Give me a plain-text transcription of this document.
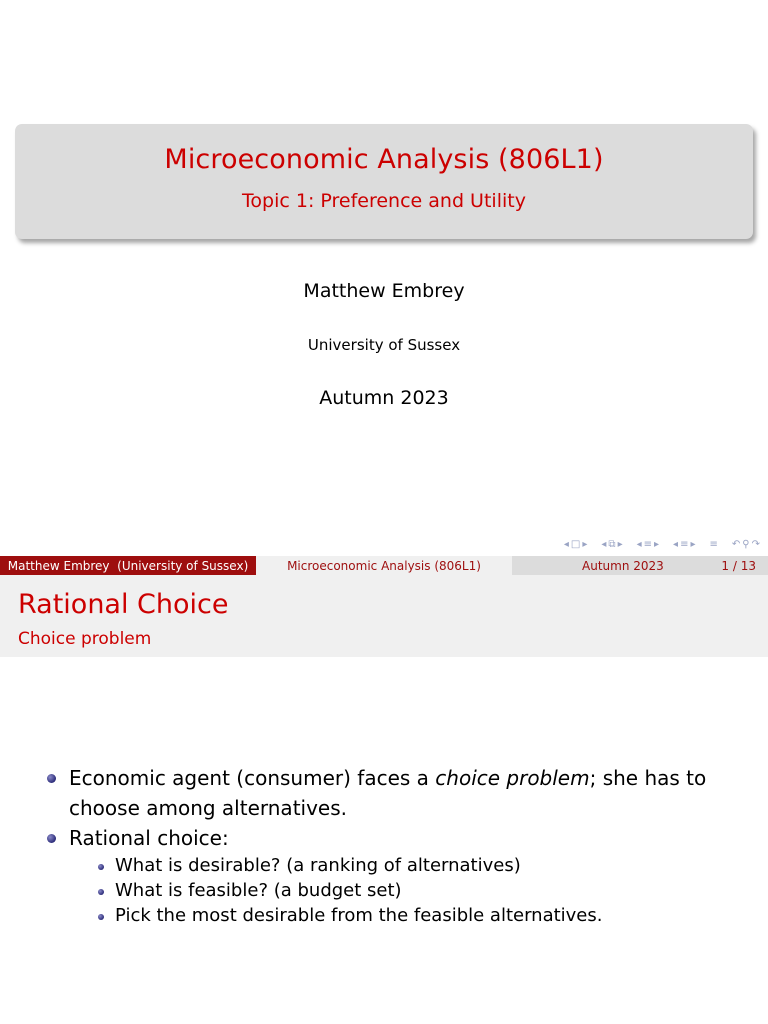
Microeconomic Analysis (806L1)
Topic 1: Preference and Utility
Matthew Embrey
University of Sussex
Autumn 2023
◂ □ ▸ ◂ ⧉ ▸ ◂ ≡ ▸ ◂ ≡ ▸ ≡ ↶ ⚲ ↷
Matthew Embrey  (University of Sussex)	Microeconomic Analysis (806L1)	Autumn 2023	1 / 13
Rational Choice
Choice problem
Economic agent (consumer) faces a choice problem; she has to choose among alternatives.
Rational choice:
What is desirable? (a ranking of alternatives)
What is feasible? (a budget set)
Pick the most desirable from the feasible alternatives.
